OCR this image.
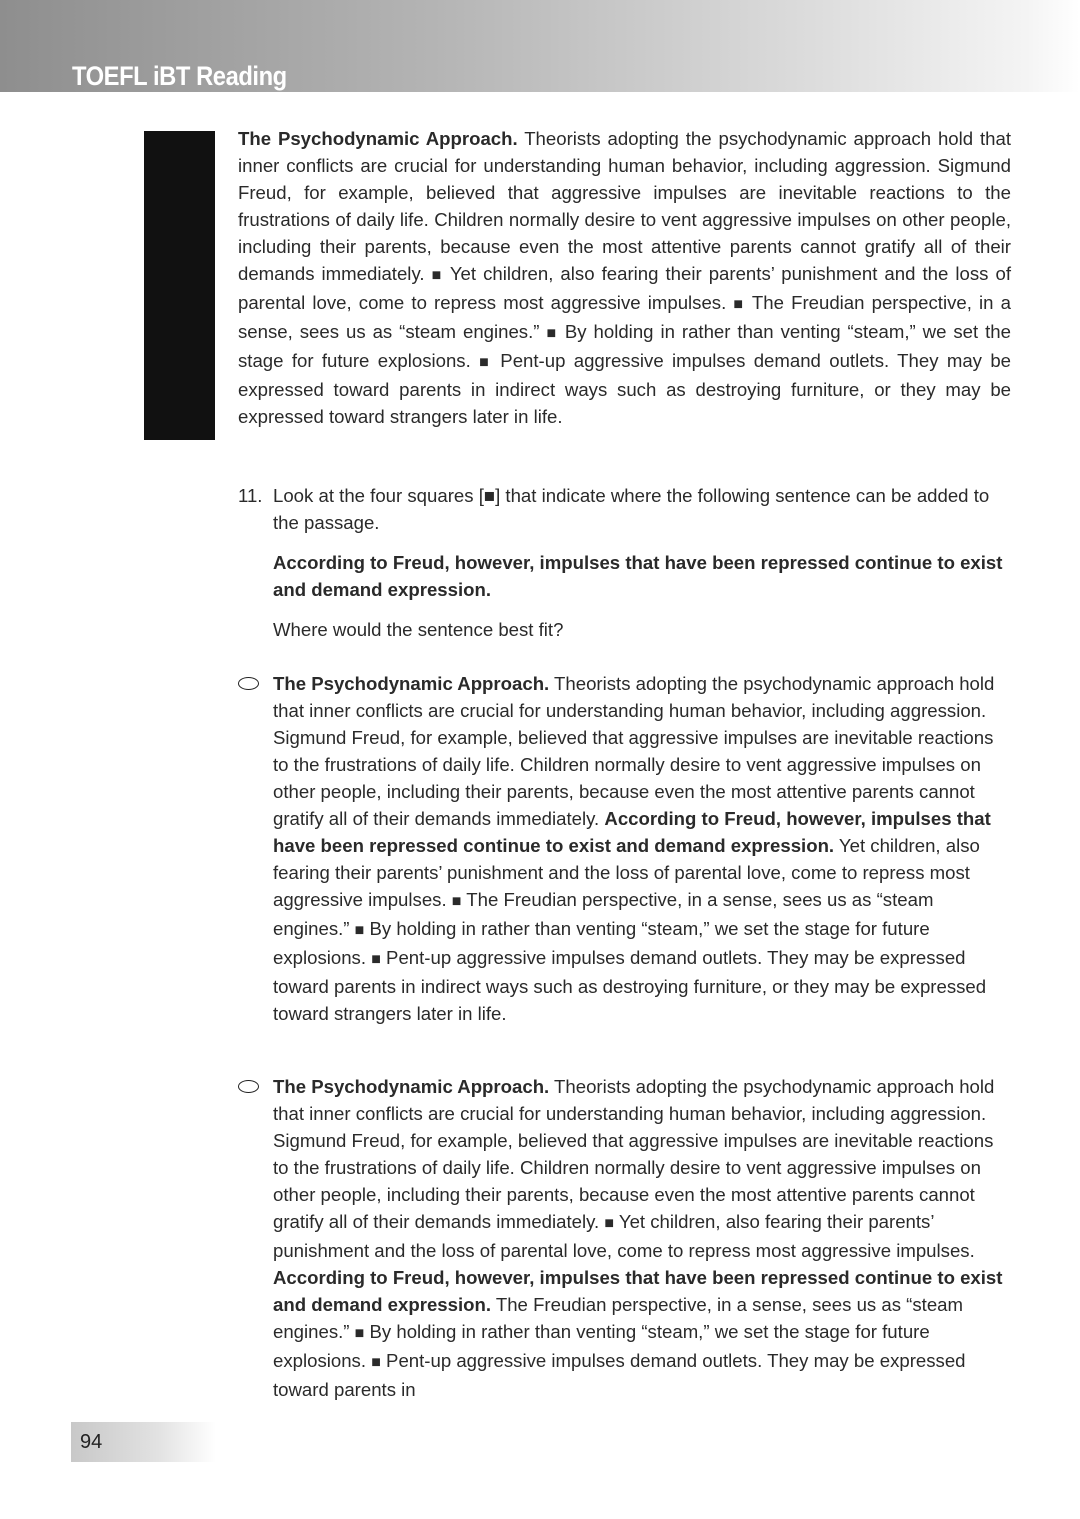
TOEFL iBT Reading

The Psychodynamic Approach. Theorists adopting the psychodynamic approach hold that inner conflicts are crucial for understanding human behavior, including aggression. Sigmund Freud, for example, believed that aggressive impulses are inevitable reactions to the frustrations of daily life. Children normally desire to vent aggressive impulses on other people, including their parents, because even the most attentive parents cannot gratify all of their demands immediately. ■ Yet children, also fearing their parents’ punishment and the loss of parental love, come to repress most aggressive impulses. ■ The Freudian perspective, in a sense, sees us as “steam engines.” ■ By holding in rather than venting “steam,” we set the stage for future explosions. ■ Pent-up aggressive impulses demand outlets. They may be expressed toward parents in indirect ways such as destroying furniture, or they may be expressed toward strangers later in life.

11. Look at the four squares [■] that indicate where the following sentence can be added to the passage.

According to Freud, however, impulses that have been repressed continue to exist and demand expression.

Where would the sentence best fit?

The Psychodynamic Approach. Theorists adopting the psychodynamic approach hold that inner conflicts are crucial for understanding human behavior, including aggression. Sigmund Freud, for example, believed that aggressive impulses are inevitable reactions to the frustrations of daily life. Children normally desire to vent aggressive impulses on other people, including their parents, because even the most attentive parents cannot gratify all of their demands immediately. According to Freud, however, impulses that have been repressed continue to exist and demand expression. Yet children, also fearing their parents’ punishment and the loss of parental love, come to repress most aggressive impulses. ■ The Freudian perspective, in a sense, sees us as “steam engines.” ■ By holding in rather than venting “steam,” we set the stage for future explosions. ■ Pent-up aggressive impulses demand outlets. They may be expressed toward parents in indirect ways such as destroying furniture, or they may be expressed toward strangers later in life.

The Psychodynamic Approach. Theorists adopting the psychodynamic approach hold that inner conflicts are crucial for understanding human behavior, including aggression. Sigmund Freud, for example, believed that aggressive impulses are inevitable reactions to the frustrations of daily life. Children normally desire to vent aggressive impulses on other people, including their parents, because even the most attentive parents cannot gratify all of their demands immediately. ■ Yet children, also fearing their parents’ punishment and the loss of parental love, come to repress most aggressive impulses. According to Freud, however, impulses that have been repressed continue to exist and demand expression. The Freudian perspective, in a sense, sees us as “steam engines.” ■ By holding in rather than venting “steam,” we set the stage for future explosions. ■ Pent-up aggressive impulses demand outlets. They may be expressed toward parents in

94
